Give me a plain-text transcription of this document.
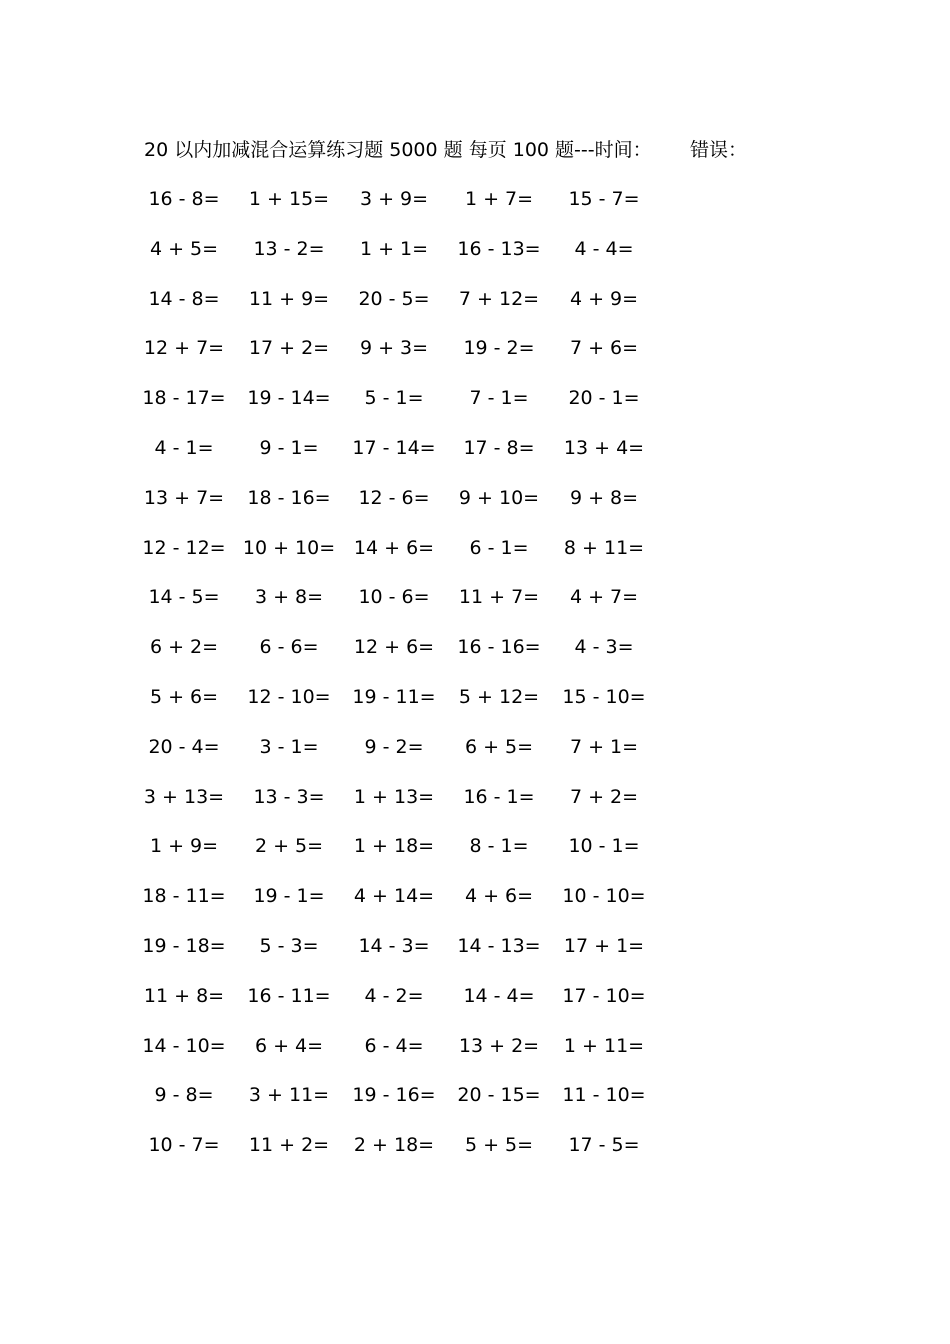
20 以内加减混合运算练习题 5000 题 每页 100 题---时间： 错误：
16 - 8=	1 + 15=	3 + 9=	1 + 7=	15 - 7=
4 + 5=	13 - 2=	1 + 1=	16 - 13=	4 - 4=
14 - 8=	11 + 9=	20 - 5=	7 + 12=	4 + 9=
12 + 7=	17 + 2=	9 + 3=	19 - 2=	7 + 6=
18 - 17=	19 - 14=	5 - 1=	7 - 1=	20 - 1=
4 - 1=	9 - 1=	17 - 14=	17 - 8=	13 + 4=
13 + 7=	18 - 16=	12 - 6=	9 + 10=	9 + 8=
12 - 12= 10 + 10= 14 + 6=	6 - 1=	8 + 11=
14 - 5=	3 + 8=	10 - 6=	11 + 7=	4 + 7=
6 + 2=	6 - 6=	12 + 6=	16 - 16=	4 - 3=
5 + 6=	12 - 10=	19 - 11=	5 + 12=	15 - 10=
20 - 4=	3 - 1=	9 - 2=	6 + 5=	7 + 1=
3 + 13=	13 - 3=	1 + 13=	16 - 1=	7 + 2=
1 + 9=	2 + 5=	1 + 18=	8 - 1=	10 - 1=
18 - 11=	19 - 1=	4 + 14=	4 + 6=	10 - 10=
19 - 18=	5 - 3=	14 - 3=	14 - 13=	17 + 1=
11 + 8=	16 - 11=	4 - 2=	14 - 4=	17 - 10=
14 - 10=	6 + 4=	6 - 4=	13 + 2=	1 + 11=
9 - 8=	3 + 11=	19 - 16=	20 - 15=	11 - 10=
10 - 7=	11 + 2=	2 + 18=	5 + 5=	17 - 5=
